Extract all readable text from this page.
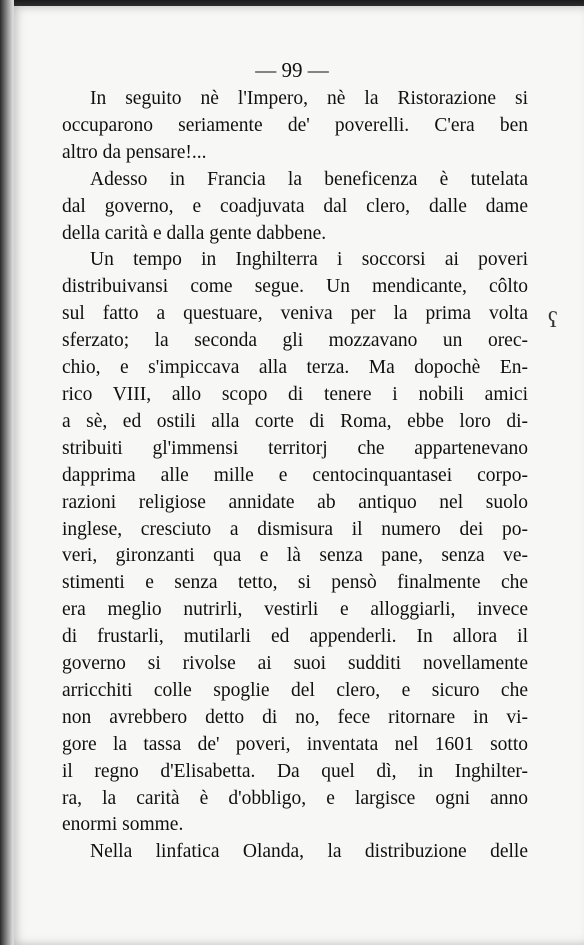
— 99 —
ʕ
In seguito nè l'Impero, nè la Ristorazione si
occuparono seriamente de' poverelli. C'era ben
altro da pensare!...
Adesso in Francia la beneficenza è tutelata
dal governo, e coadjuvata dal clero, dalle dame
della carità e dalla gente dabbene.
Un tempo in Inghilterra i soccorsi ai poveri
distribuivansi come segue. Un mendicante, côlto
sul fatto a questuare, veniva per la prima volta
sferzato; la seconda gli mozzavano un orec-
chio, e s'impiccava alla terza. Ma dopochè En-
rico VIII, allo scopo di tenere i nobili amici
a sè, ed ostili alla corte di Roma, ebbe loro di-
stribuiti gl'immensi territorj che appartenevano
dapprima alle mille e centocinquantasei corpo-
razioni religiose annidate ab antiquo nel suolo
inglese, cresciuto a dismisura il numero dei po-
veri, gironzanti qua e là senza pane, senza ve-
stimenti e senza tetto, si pensò finalmente che
era meglio nutrirli, vestirli e alloggiarli, invece
di frustarli, mutilarli ed appenderli. In allora il
governo si rivolse ai suoi sudditi novellamente
arricchiti colle spoglie del clero, e sicuro che
non avrebbero detto di no, fece ritornare in vi-
gore la tassa de' poveri, inventata nel 1601 sotto
il regno d'Elisabetta. Da quel dì, in Inghilter-
ra, la carità è d'obbligo, e largisce ogni anno
enormi somme.
Nella linfatica Olanda, la distribuzione delle
